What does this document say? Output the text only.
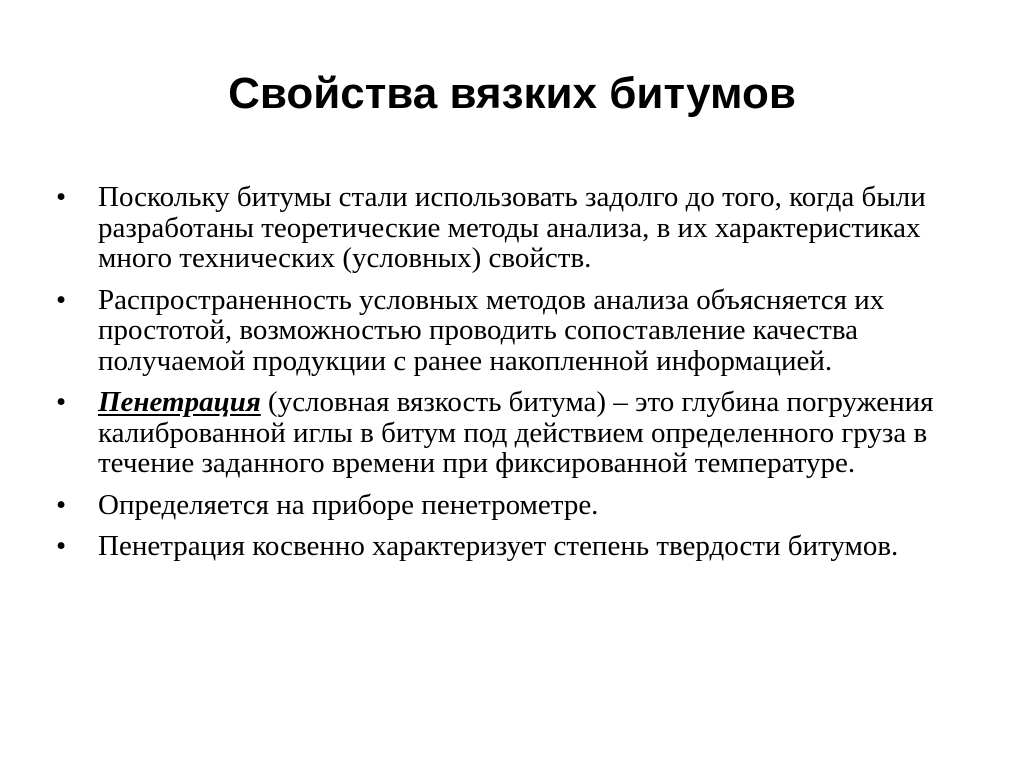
Свойства вязких битумов
•	Поскольку битумы стали использовать задолго до того, когда были разработаны теоретические методы анализа, в их характеристиках много технических (условных) свойств.
•	Распространенность условных методов анализа объясняется их простотой, возможностью проводить сопоставление качества получаемой продукции с ранее накопленной информацией.
•	Пенетрация (условная вязкость битума) – это глубина погружения калиброванной иглы в битум под действием определенного груза в течение заданного времени при фиксированной температуре.
•	Определяется на приборе пенетрометре.
•	Пенетрация косвенно характеризует степень твердости битумов.
